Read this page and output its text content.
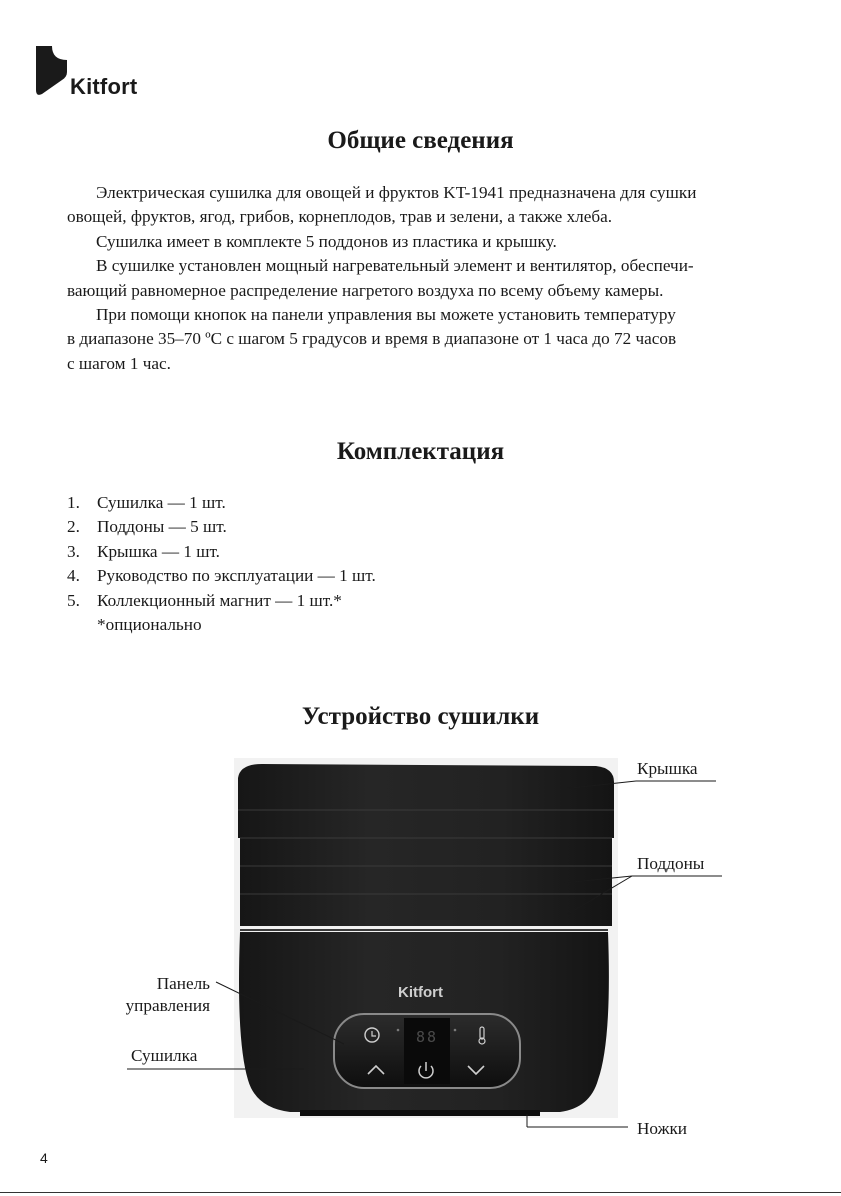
Kitfort
Общие сведения
Электрическая сушилка для овощей и фруктов KT-1941 предназначена для сушки
овощей, фруктов, ягод, грибов, корнеплодов, трав и зелени, а также хлеба.
Сушилка имеет в комплекте 5 поддонов из пластика и крышку.
В сушилке установлен мощный нагревательный элемент и вентилятор, обеспечи-
вающий равномерное распределение нагретого воздуха по всему объему камеры.
При помощи кнопок на панели управления вы можете установить температуру
в диапазоне 35–70 ºC с шагом 5 градусов и время в диапазоне от 1 часа до 72 часов
с шагом 1 час.
Комплектация
1. Сушилка — 1 шт.
2. Поддоны — 5 шт.
3. Крышка — 1 шт.
4. Руководство по эксплуатации — 1 шт.
5. Коллекционный магнит — 1 шт.*
*опционально
Устройство сушилки
Kitfort
88
Крышка
Поддоны
Панель
управления
Сушилка
Ножки
4
